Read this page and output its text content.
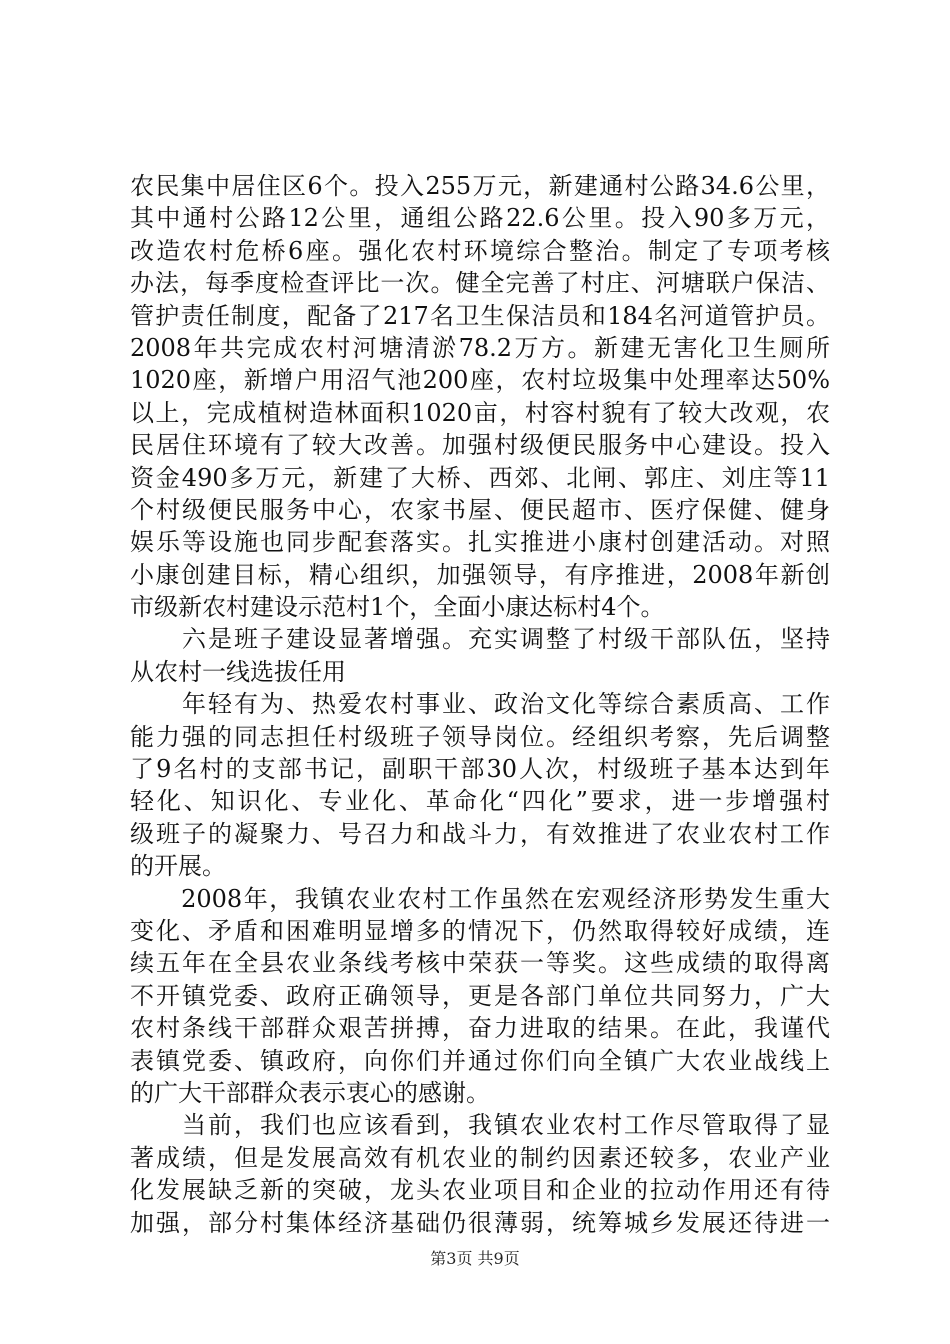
农民集中居住区6个。投入255万元，新建通村公路34.6公里，
其中通村公路12公里，通组公路22.6公里。投入90多万元，
改造农村危桥6座。强化农村环境综合整治。制定了专项考核
办法，每季度检查评比一次。健全完善了村庄、河塘联户保洁、
管护责任制度，配备了217名卫生保洁员和184名河道管护员。
2008年共完成农村河塘清淤78.2万方。新建无害化卫生厕所
1020座，新增户用沼气池200座，农村垃圾集中处理率达50%
以上，完成植树造林面积1020亩，村容村貌有了较大改观，农
民居住环境有了较大改善。加强村级便民服务中心建设。投入
资金490多万元，新建了大桥、西郊、北闸、郭庄、刘庄等11
个村级便民服务中心，农家书屋、便民超市、医疗保健、健身
娱乐等设施也同步配套落实。扎实推进小康村创建活动。对照
小康创建目标，精心组织，加强领导，有序推进，2008年新创
市级新农村建设示范村1个，全面小康达标村4个。
　　六是班子建设显著增强。充实调整了村级干部队伍，坚持
从农村一线选拔任用
　　年轻有为、热爱农村事业、政治文化等综合素质高、工作
能力强的同志担任村级班子领导岗位。经组织考察，先后调整
了9名村的支部书记，副职干部30人次，村级班子基本达到年
轻化、知识化、专业化、革命化“四化”要求，进一步增强村
级班子的凝聚力、号召力和战斗力，有效推进了农业农村工作
的开展。
　　2008年，我镇农业农村工作虽然在宏观经济形势发生重大
变化、矛盾和困难明显增多的情况下，仍然取得较好成绩，连
续五年在全县农业条线考核中荣获一等奖。这些成绩的取得离
不开镇党委、政府正确领导，更是各部门单位共同努力，广大
农村条线干部群众艰苦拼搏，奋力进取的结果。在此，我谨代
表镇党委、镇政府，向你们并通过你们向全镇广大农业战线上
的广大干部群众表示衷心的感谢。
　　当前，我们也应该看到，我镇农业农村工作尽管取得了显
著成绩，但是发展高效有机农业的制约因素还较多，农业产业
化发展缺乏新的突破，龙头农业项目和企业的拉动作用还有待
加强，部分村集体经济基础仍很薄弱，统筹城乡发展还待进一
第3页 共9页
